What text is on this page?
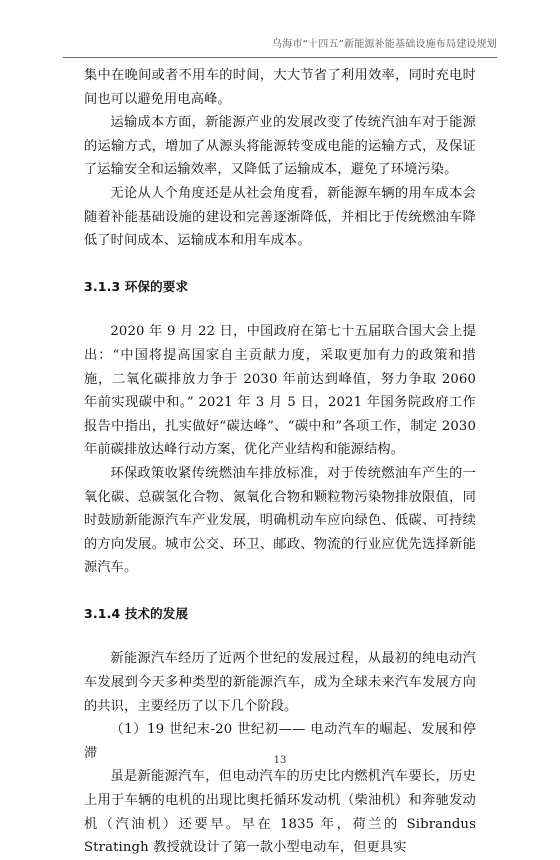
乌海市“十四五”新能源补能基础设施布局建设规划

集中在晚间或者不用车的时间，大大节省了利用效率，同时充电时间也可以避免用电高峰。

运输成本方面，新能源产业的发展改变了传统汽油车对于能源的运输方式，增加了从源头将能源转变成电能的运输方式，及保证了运输安全和运输效率，又降低了运输成本，避免了环境污染。

无论从人个角度还是从社会角度看，新能源车辆的用车成本会随着补能基础设施的建设和完善逐渐降低，并相比于传统燃油车降低了时间成本、运输成本和用车成本。

3.1.3 环保的要求

2020 年 9 月 22 日，中国政府在第七十五届联合国大会上提出：“中国将提高国家自主贡献力度，采取更加有力的政策和措施，二氧化碳排放力争于 2030 年前达到峰值，努力争取 2060 年前实现碳中和。” 2021 年 3 月 5 日，2021 年国务院政府工作报告中指出，扎实做好“碳达峰”、“碳中和”各项工作，制定 2030 年前碳排放达峰行动方案，优化产业结构和能源结构。

环保政策收紧传统燃油车排放标准，对于传统燃油车产生的一氧化碳、总碳氢化合物、氮氧化合物和颗粒物污染物排放限值，同时鼓励新能源汽车产业发展，明确机动车应向绿色、低碳、可持续的方向发展。城市公交、环卫、邮政、物流的行业应优先选择新能源汽车。

3.1.4 技术的发展

新能源汽车经历了近两个世纪的发展过程，从最初的纯电动汽车发展到今天多种类型的新能源汽车，成为全球未来汽车发展方向的共识，主要经历了以下几个阶段。

（1）19 世纪末-20 世纪初—— 电动汽车的崛起、发展和停滞

虽是新能源汽车，但电动汽车的历史比内燃机汽车要长，历史上用于车辆的电机的出现比奥托循环发动机（柴油机）和奔驰发动机（汽油机）还要早。早在 1835 年，荷兰的 Sibrandus Stratingh 教授就设计了第一款小型电动车，但更具实

13
